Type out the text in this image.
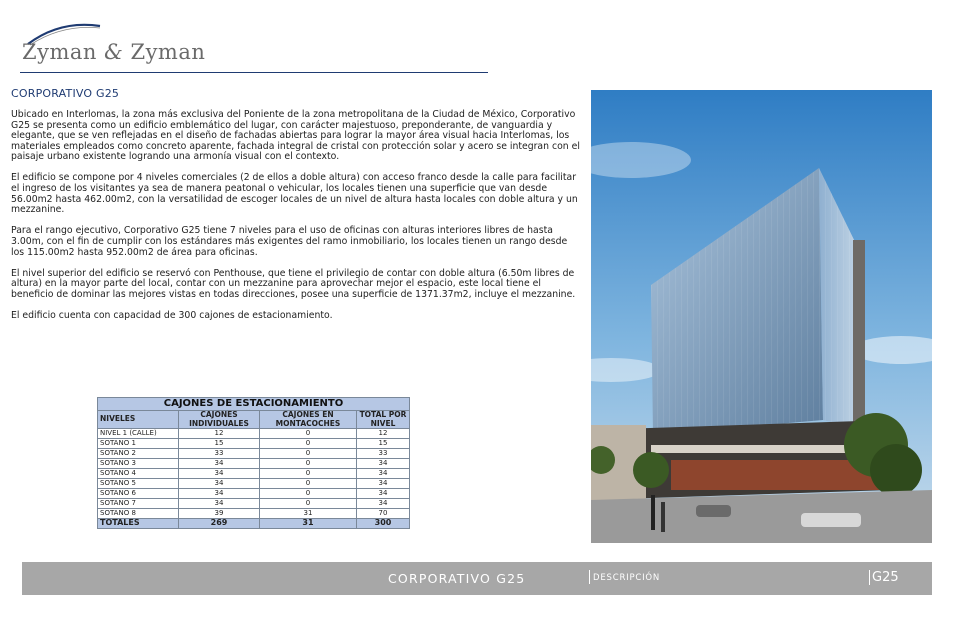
Zyman & Zyman
CORPORATIVO G25

Ubicado en Interlomas, la zona más exclusiva del Poniente de la zona metropolitana de la Ciudad de México, Corporativo G25 se presenta como un edificio emblemático del lugar, con carácter majestuoso, preponderante, de vanguardia y elegante, que se ven reflejadas en el diseño de fachadas abiertas para lograr la mayor área visual hacia Interlomas, los materiales empleados como concreto aparente, fachada integral de cristal con protección solar y acero se integran con el paisaje urbano existente logrando una armonía visual con el contexto.

El edificio se compone por 4 niveles comerciales (2 de ellos a doble altura) con acceso franco desde la calle para facilitar el ingreso de los visitantes ya sea de manera peatonal o vehicular, los locales tienen una superficie que van desde 56.00m2 hasta 462.00m2, con la versatilidad de escoger locales de un nivel de altura hasta locales con doble altura y un mezzanine.

Para el rango ejecutivo, Corporativo G25 tiene 7 niveles para el uso de oficinas con alturas interiores libres de hasta 3.00m, con el fin de cumplir con los estándares más exigentes del ramo inmobiliario, los locales tienen un rango desde los 115.00m2 hasta 952.00m2 de área para oficinas.

El nivel superior del edificio se reservó con Penthouse, que tiene el privilegio de contar con doble altura (6.50m libres de altura) en la mayor parte del local, contar con un mezzanine para aprovechar mejor el espacio, este local tiene el beneficio de dominar las mejores vistas en todas direcciones, posee una superficie de 1371.37m2, incluye el mezzanine.

El edificio cuenta con capacidad de 300 cajones de estacionamiento.

CAJONES DE ESTACIONAMIENTO			
NIVELES	CAJONES INDIVIDUALES	CAJONES EN MONTACOCHES	TOTAL POR NIVEL
NIVEL 1 (CALLE)	12	0	12
SOTANO 1	15	0	15
SOTANO 2	33	0	33
SOTANO 3	34	0	34
SOTANO 4	34	0	34
SOTANO 5	34	0	34
SOTANO 6	34	0	34
SOTANO 7	34	0	34
SOTANO 8	39	31	70
TOTALES	269	31	300
CORPORATIVO G25	DESCRIPCIÓN	G25
